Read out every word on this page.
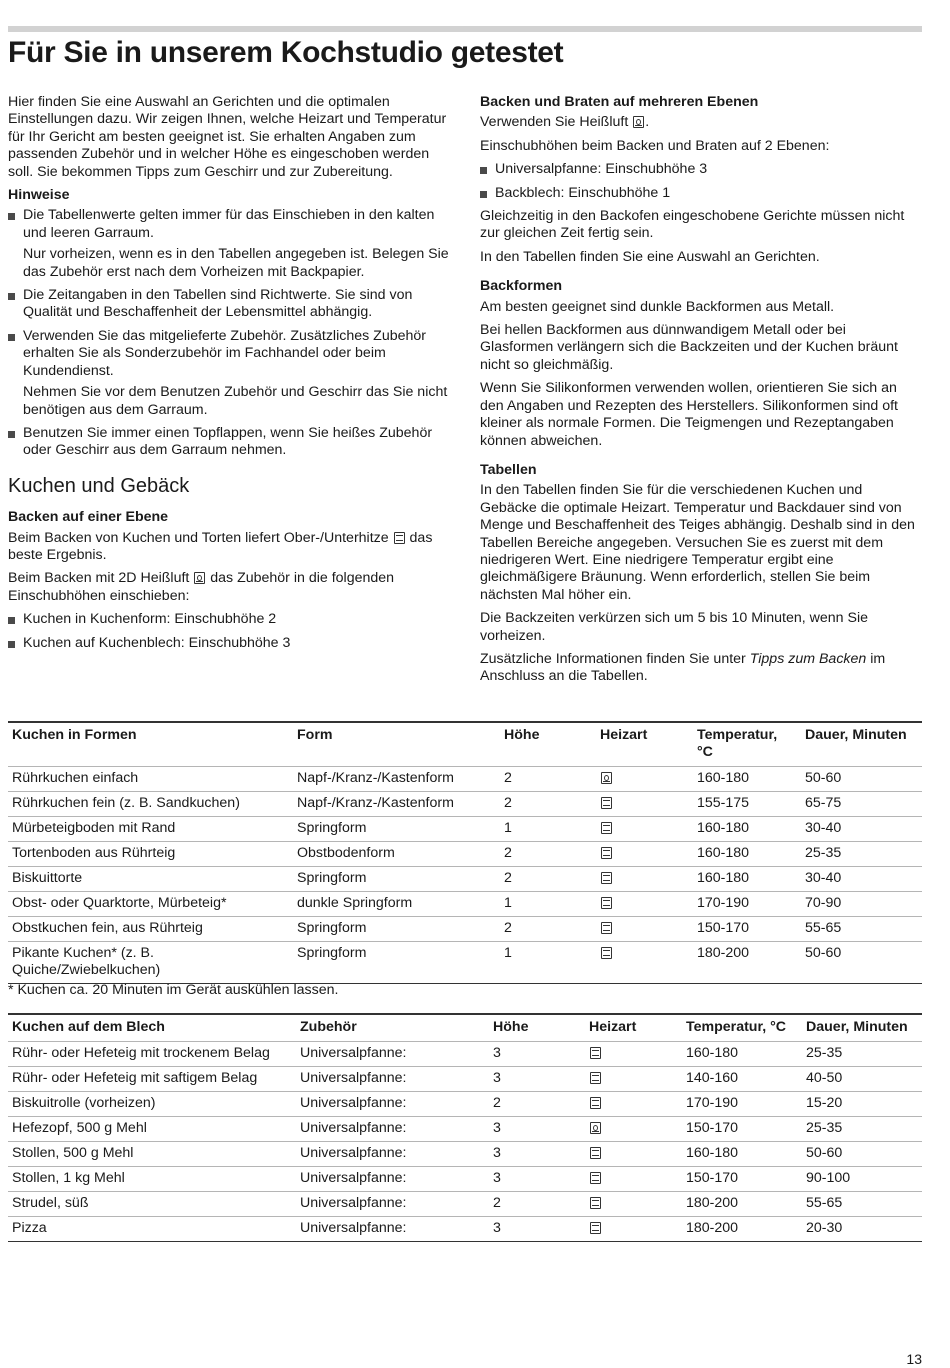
Für Sie in unserem Kochstudio getestet

Hier finden Sie eine Auswahl an Gerichten und die optimalen Einstellungen dazu. Wir zeigen Ihnen, welche Heizart und Temperatur für Ihr Gericht am besten geeignet ist. Sie erhalten Angaben zum passenden Zubehör und in welcher Höhe es eingeschoben werden soll. Sie bekommen Tipps zum Geschirr und zur Zubereitung.

Hinweise
Die Tabellenwerte gelten immer für das Einschieben in den kalten und leeren Garraum.
Nur vorheizen, wenn es in den Tabellen angegeben ist. Belegen Sie das Zubehör erst nach dem Vorheizen mit Backpapier.
Die Zeitangaben in den Tabellen sind Richtwerte. Sie sind von Qualität und Beschaffenheit der Lebensmittel abhängig.
Verwenden Sie das mitgelieferte Zubehör. Zusätzliches Zubehör erhalten Sie als Sonderzubehör im Fachhandel oder beim Kundendienst.
Nehmen Sie vor dem Benutzen Zubehör und Geschirr das Sie nicht benötigen aus dem Garraum.
Benutzen Sie immer einen Topflappen, wenn Sie heißes Zubehör oder Geschirr aus dem Garraum nehmen.
Kuchen und Gebäck
Backen auf einer Ebene

Beim Backen von Kuchen und Torten liefert Ober-/Unterhitze das beste Ergebnis.

Beim Backen mit 2D Heißluft das Zubehör in die folgenden Einschubhöhen einschieben:

Kuchen in Kuchenform: Einschubhöhe 2
Kuchen auf Kuchenblech: Einschubhöhe 3
Backen und Braten auf mehreren Ebenen

Verwenden Sie Heißluft .

Einschubhöhen beim Backen und Braten auf 2 Ebenen:

Universalpfanne: Einschubhöhe 3
Backblech: Einschubhöhe 1

Gleichzeitig in den Backofen eingeschobene Gerichte müssen nicht zur gleichen Zeit fertig sein.

In den Tabellen finden Sie eine Auswahl an Gerichten.

Backformen

Am besten geeignet sind dunkle Backformen aus Metall.

Bei hellen Backformen aus dünnwandigem Metall oder bei Glasformen verlängern sich die Backzeiten und der Kuchen bräunt nicht so gleichmäßig.

Wenn Sie Silikonformen verwenden wollen, orientieren Sie sich an den Angaben und Rezepten des Herstellers. Silikonformen sind oft kleiner als normale Formen. Die Teigmengen und Rezeptangaben können abweichen.

Tabellen

In den Tabellen finden Sie für die verschiedenen Kuchen und Gebäcke die optimale Heizart. Temperatur und Backdauer sind von Menge und Beschaffenheit des Teiges abhängig. Deshalb sind in den Tabellen Bereiche angegeben. Versuchen Sie es zuerst mit dem niedrigeren Wert. Eine niedrigere Temperatur ergibt eine gleichmäßigere Bräunung. Wenn erforderlich, stellen Sie beim nächsten Mal höher ein.

Die Backzeiten verkürzen sich um 5 bis 10 Minuten, wenn Sie vorheizen.

Zusätzliche Informationen finden Sie unter Tipps zum Backen im Anschluss an die Tabellen.

Kuchen in Formen	Form	Höhe	Heizart	Temperatur, °C	Dauer, Minuten
Rührkuchen einfach	Napf-/Kranz-/Kastenform	2		160-180	50-60
Rührkuchen fein (z. B. Sandkuchen)	Napf-/Kranz-/Kastenform	2		155-175	65-75
Mürbeteigboden mit Rand	Springform	1		160-180	30-40
Tortenboden aus Rührteig	Obstbodenform	2		160-180	25-35
Biskuittorte	Springform	2		160-180	30-40
Obst- oder Quarktorte, Mürbeteig*	dunkle Springform	1		170-190	70-90
Obstkuchen fein, aus Rührteig	Springform	2		150-170	55-65
Pikante Kuchen* (z. B. Quiche/Zwiebelkuchen)	Springform	1		180-200	50-60
* Kuchen ca. 20 Minuten im Gerät auskühlen lassen.
Kuchen auf dem Blech	Zubehör	Höhe	Heizart	Temperatur, °C	Dauer, Minuten
Rühr- oder Hefeteig mit trockenem Belag	Universalpfanne:	3		160-180	25-35
Rühr- oder Hefeteig mit saftigem Belag	Universalpfanne:	3		140-160	40-50
Biskuitrolle (vorheizen)	Universalpfanne:	2		170-190	15-20
Hefezopf, 500 g Mehl	Universalpfanne:	3		150-170	25-35
Stollen, 500 g Mehl	Universalpfanne:	3		160-180	50-60
Stollen, 1 kg Mehl	Universalpfanne:	3		150-170	90-100
Strudel, süß	Universalpfanne:	2		180-200	55-65
Pizza	Universalpfanne:	3		180-200	20-30
13
